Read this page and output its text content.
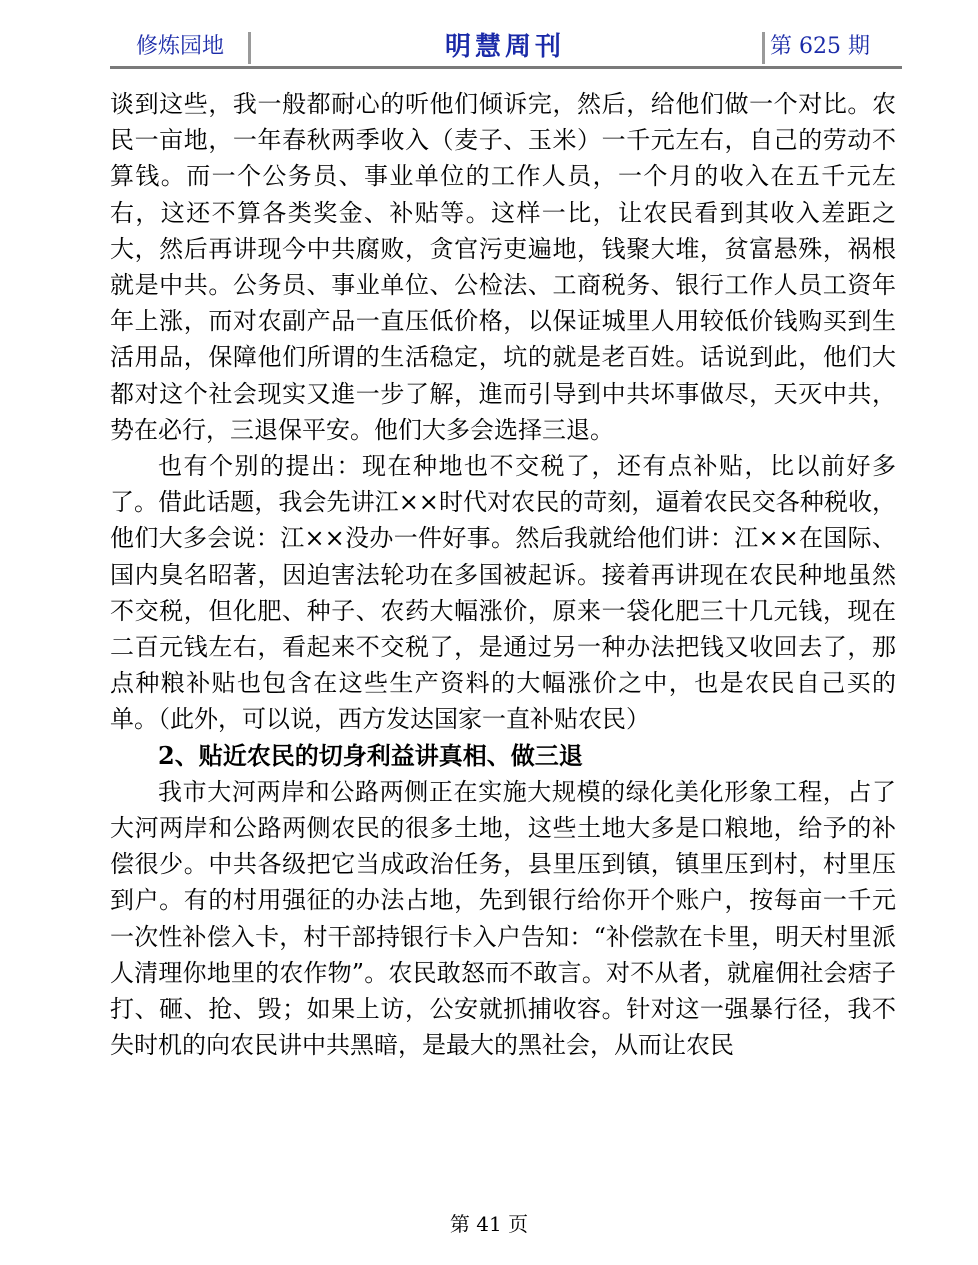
修炼园地	明慧周刊	第 625 期

谈到这些，我一般都耐心的听他们倾诉完，然后，给他们做一个对比。农民一亩地，一年春秋两季收入（麦子、玉米）一千元左右，自己的劳动不算钱。而一个公务员、事业单位的工作人员，一个月的收入在五千元左右，这还不算各类奖金、补贴等。这样一比，让农民看到其收入差距之大，然后再讲现今中共腐败，贪官污吏遍地，钱聚大堆，贫富悬殊，祸根就是中共。公务员、事业单位、公检法、工商税务、银行工作人员工资年年上涨，而对农副产品一直压低价格，以保证城里人用较低价钱购买到生活用品，保障他们所谓的生活稳定，坑的就是老百姓。话说到此，他们大都对这个社会现实又進一步了解，進而引导到中共坏事做尽，天灭中共，势在必行，三退保平安。他们大多会选择三退。

也有个别的提出：现在种地也不交税了，还有点补贴，比以前好多了。借此话题，我会先讲江××时代对农民的苛刻，逼着农民交各种税收，他们大多会说：江××没办一件好事。然后我就给他们讲：江××在国际、国内臭名昭著，因迫害法轮功在多国被起诉。接着再讲现在农民种地虽然不交税，但化肥、种子、农药大幅涨价，原来一袋化肥三十几元钱，现在二百元钱左右，看起来不交税了，是通过另一种办法把钱又收回去了，那点种粮补贴也包含在这些生产资料的大幅涨价之中，也是农民自己买的单。（此外，可以说，西方发达国家一直补贴农民）

2、贴近农民的切身利益讲真相、做三退

我市大河两岸和公路两侧正在实施大规模的绿化美化形象工程，占了大河两岸和公路两侧农民的很多土地，这些土地大多是口粮地，给予的补偿很少。中共各级把它当成政治任务，县里压到镇，镇里压到村，村里压到户。有的村用强征的办法占地，先到银行给你开个账户，按每亩一千元一次性补偿入卡，村干部持银行卡入户告知：“补偿款在卡里，明天村里派人清理你地里的农作物”。农民敢怒而不敢言。对不从者，就雇佣社会痞子打、砸、抢、毁；如果上访，公安就抓捕收容。针对这一强暴行径，我不失时机的向农民讲中共黑暗，是最大的黑社会，从而让农民

第 41 页
